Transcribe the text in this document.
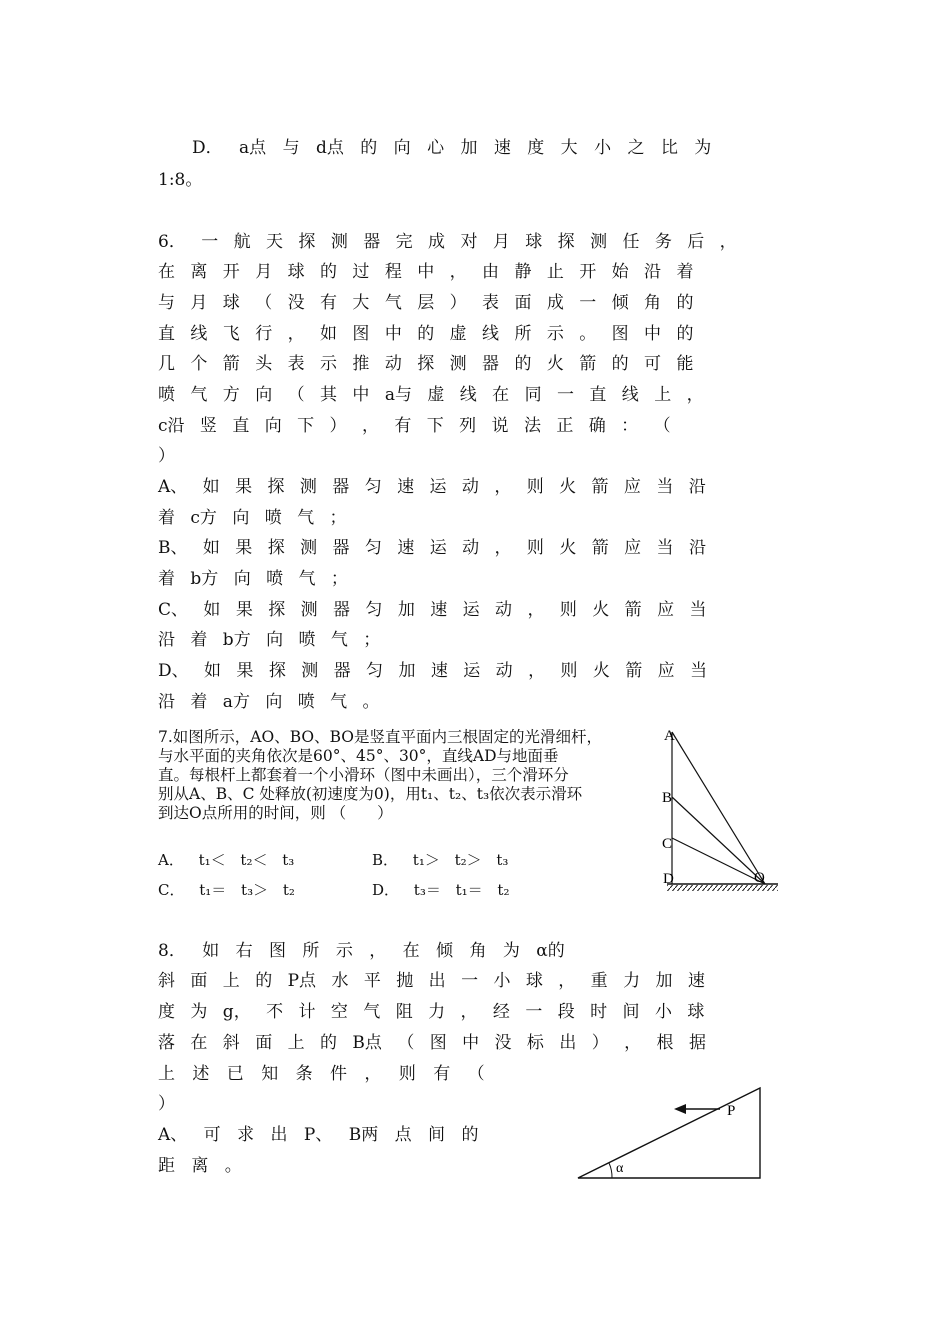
D． a点 与 d点 的 向 心 加 速 度 大 小 之 比 为
1:8。
6． 一 航 天 探 测 器 完 成 对 月 球 探 测 任 务 后 ，
在 离 开 月 球 的 过 程 中 ， 由 静 止 开 始 沿 着
与 月 球 （ 没 有 大 气 层 ） 表 面 成 一 倾 角 的
直 线 飞 行 ， 如 图 中 的 虚 线 所 示 。 图 中 的
几 个 箭 头 表 示 推 动 探 测 器 的 火 箭 的 可 能
喷 气 方 向 （ 其 中 a与 虚 线 在 同 一 直 线 上 ，
c沿 竖 直 向 下 ） ， 有 下 列 说 法 正 确 ： （
）
A、 如 果 探 测 器 匀 速 运 动 ， 则 火 箭 应 当 沿
着 c方 向 喷 气 ；
B、 如 果 探 测 器 匀 速 运 动 ， 则 火 箭 应 当 沿
着 b方 向 喷 气 ；
C、 如 果 探 测 器 匀 加 速 运 动 ， 则 火 箭 应 当
沿 着 b方 向 喷 气 ；
D、 如 果 探 测 器 匀 加 速 运 动 ， 则 火 箭 应 当
沿 着 a方 向 喷 气 。
7.如图所示，AO、BO、BO是竖直平面内三根固定的光滑细杆，
与水平面的夹角依次是60°、45°、30°，直线AD与地面垂
直。每根杆上都套着一个小滑环（图中未画出），三个滑环分
别从A、B、C 处释放(初速度为0)，用t₁、t₂、t₃依次表示滑环
到达O点所用的时间，则 （　　）
A． t₁＜ t₂＜ t₃	B． t₁＞ t₂＞ t₃
C． t₁＝ t₃＞ t₂	D． t₃＝ t₁＝ t₂
A
B
C
D	O
8． 如 右 图 所 示 ， 在 倾 角 为 α的
斜 面 上 的 P点 水 平 抛 出 一 小 球 ， 重 力 加 速
度 为 g， 不 计 空 气 阻 力 ， 经 一 段 时 间 小 球
落 在 斜 面 上 的 B点 （ 图 中 没 标 出 ） ， 根 据
上 述 已 知 条 件 ， 则 有 （
）
A、 可 求 出 P、 B两 点 间 的
距 离 。	α
P
